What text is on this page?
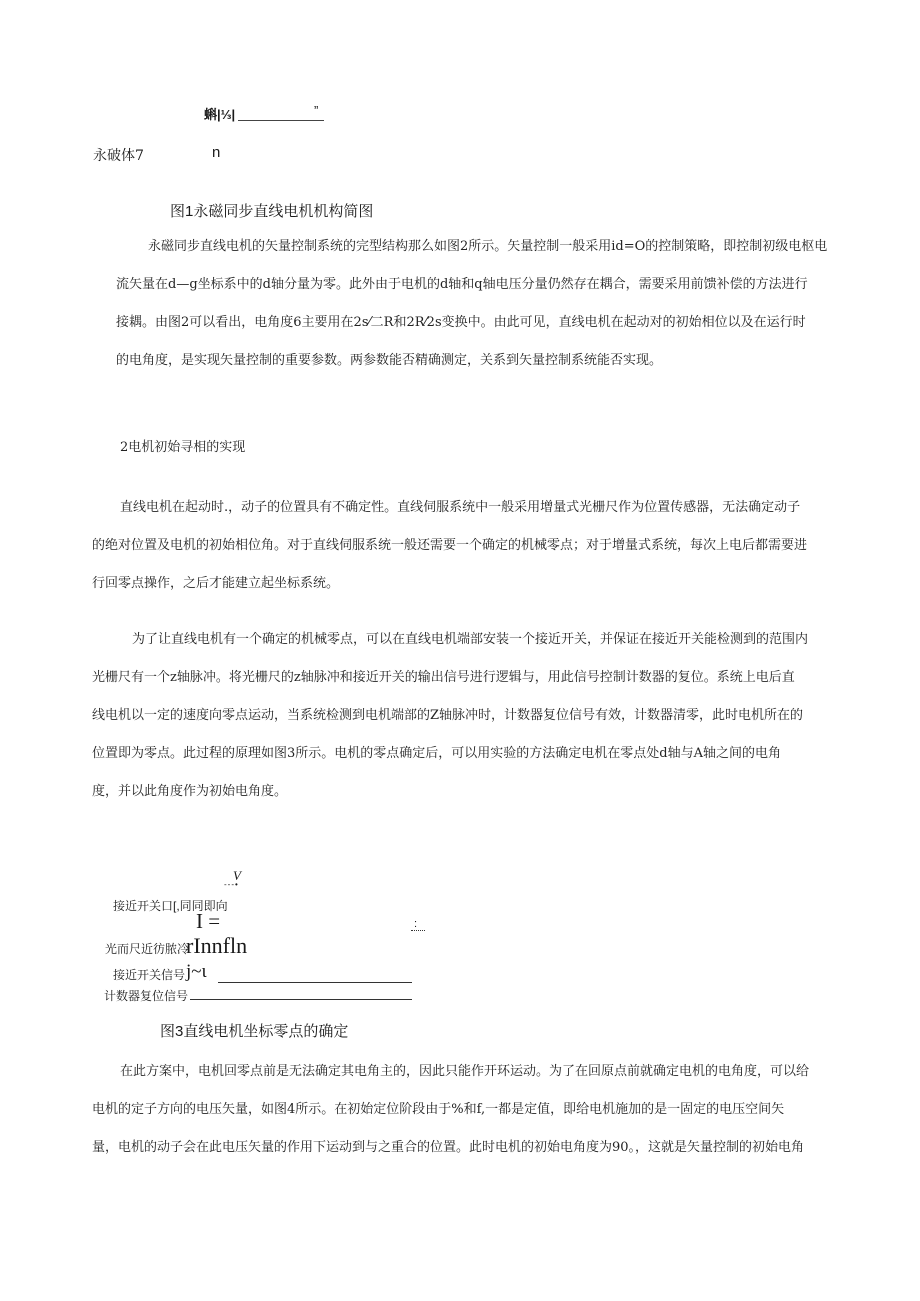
蝌|⅓|	”
永破体7	n
图1永磁同步直线电机机构简图
永磁同步直线电机的矢量控制系统的完型结构那么如图2所示。矢量控制一般采用id=O的控制策略，即控制初级电枢电
流矢量在d—g坐标系中的d轴分量为零。此外由于电机的d轴和q轴电压分量仍然存在耦合，需要采用前馈补偿的方法进行
接耦。由图2可以看出，电角度6主要用在2s⁄二R和2R⁄2s变换中。由此可见，直线电机在起动对的初始相位以及在运行时
的电角度，是实现矢量控制的重要参数。两参数能否精确测定，关系到矢量控制系统能否实现。
2电机初始寻相的实现
直线电机在起动时.，动子的位置具有不确定性。直线伺服系统中一般采用增量式光栅尺作为位置传感器，无法确定动子
的绝对位置及电机的初始相位角。对于直线伺服系统一般还需要一个确定的机械零点；对于增量式系统，每次上电后都需要进
行回零点操作，之后才能建立起坐标系统。
为了让直线电机有一个确定的机械零点，可以在直线电机端部安装一个接近开关，并保证在接近开关能检测到的范围内
光栅尺有一个z轴脉冲。将光栅尺的z轴脉冲和接近开关的输出信号进行逻辑与，用此信号控制计数器的复位。系统上电后直
线电机以一定的速度向零点运动，当系统检测到电机端部的Z轴脉冲时，计数器复位信号有效，计数器清零，此时电机所在的
位置即为零点。此过程的原理如图3所示。电机的零点确定后，可以用实验的方法确定电机在零点处d轴与A轴之间的电角
度，并以此角度作为初始电角度。
V
---•
接近开关口[,同同即向
I =	:
光而尺近彷脓冷
rInnfln
接近开关信号 j~ι
计数器复位信号
图3直线电机坐标零点的确定
在此方案中，电机回零点前是无法确定其电角主的，因此只能作开环运动。为了在回原点前就确定电机的电角度，可以给
电机的定子方向的电压矢量，如图4所示。在初始定位阶段由于%和f,一都是定值，即给电机施加的是一固定的电压空间矢
量，电机的动子会在此电压矢量的作用下运动到与之重合的位置。此时电机的初始电角度为90。，这就是矢量控制的初始电角
